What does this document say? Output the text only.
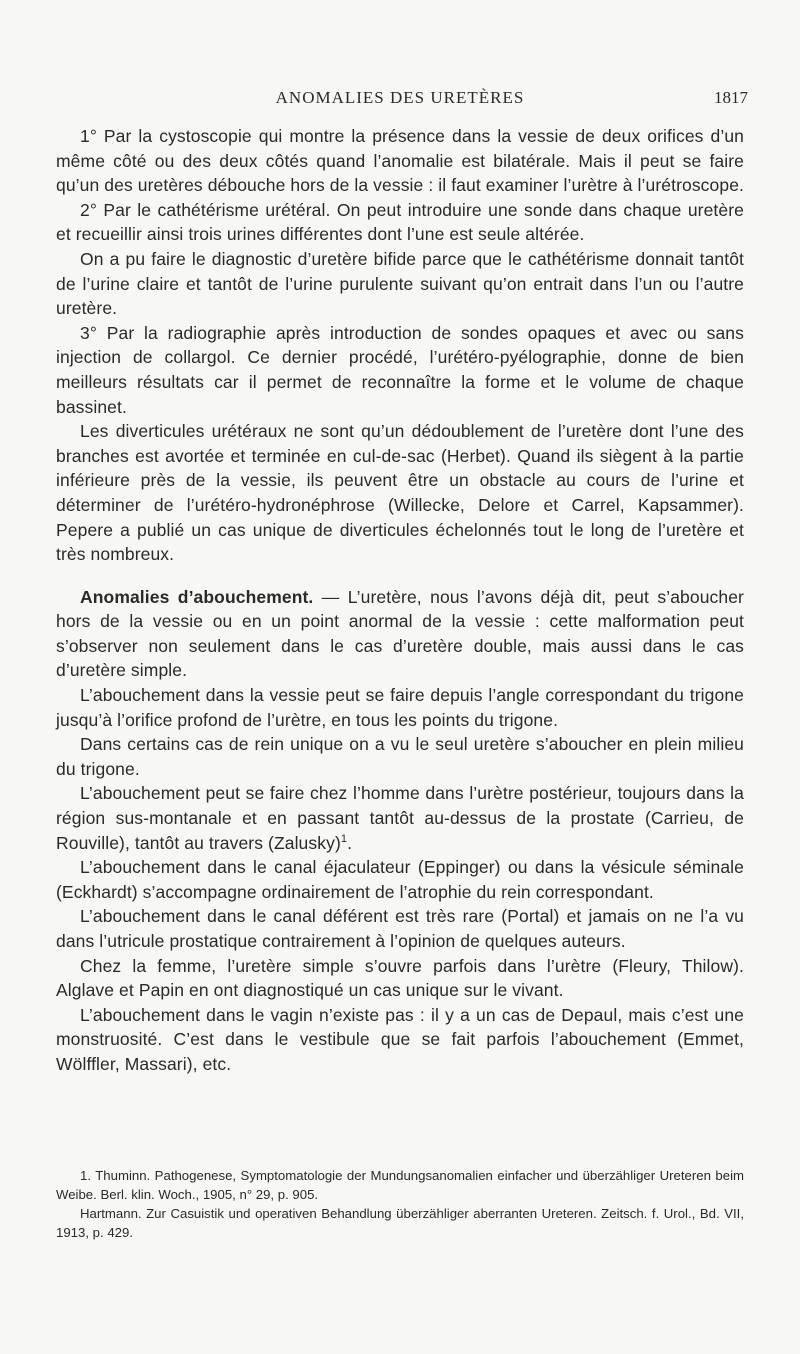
ANOMALIES DES URETÈRES	1817

1° Par la cystoscopie qui montre la présence dans la vessie de deux orifices d’un même côté ou des deux côtés quand l’anomalie est bilatérale. Mais il peut se faire qu’un des uretères débouche hors de la vessie : il faut examiner l’urètre à l’urétroscope.

2° Par le cathétérisme urétéral. On peut introduire une sonde dans chaque uretère et recueillir ainsi trois urines différentes dont l’une est seule altérée.

On a pu faire le diagnostic d’uretère bifide parce que le cathétérisme donnait tantôt de l’urine claire et tantôt de l’urine purulente suivant qu’on entrait dans l’un ou l’autre uretère.

3° Par la radiographie après introduction de sondes opaques et avec ou sans injection de collargol. Ce dernier procédé, l’urétéro-pyélographie, donne de bien meilleurs résultats car il permet de reconnaître la forme et le volume de chaque bassinet.

Les diverticules urétéraux ne sont qu’un dédoublement de l’uretère dont l’une des branches est avortée et terminée en cul-de-sac (Herbet). Quand ils siègent à la partie inférieure près de la vessie, ils peuvent être un obstacle au cours de l’urine et déterminer de l’urétéro-hydronéphrose (Willecke, Delore et Carrel, Kapsammer). Pepere a publié un cas unique de diverticules échelonnés tout le long de l’uretère et très nombreux.

Anomalies d’abouchement. — L’uretère, nous l’avons déjà dit, peut s’aboucher hors de la vessie ou en un point anormal de la vessie : cette malformation peut s’observer non seulement dans le cas d’uretère double, mais aussi dans le cas d’uretère simple.

L’abouchement dans la vessie peut se faire depuis l’angle correspondant du trigone jusqu’à l’orifice profond de l’urètre, en tous les points du trigone.

Dans certains cas de rein unique on a vu le seul uretère s’aboucher en plein milieu du trigone.

L’abouchement peut se faire chez l’homme dans l’urètre postérieur, toujours dans la région sus-montanale et en passant tantôt au-dessus de la prostate (Carrieu, de Rouville), tantôt au travers (Zalusky)$^1$.

L’abouchement dans le canal éjaculateur (Eppinger) ou dans la vésicule séminale (Eckhardt) s’accompagne ordinairement de l’atrophie du rein correspondant.

L’abouchement dans le canal déférent est très rare (Portal) et jamais on ne l’a vu dans l’utricule prostatique contrairement à l’opinion de quelques auteurs.

Chez la femme, l’uretère simple s’ouvre parfois dans l’urètre (Fleury, Thilow). Alglave et Papin en ont diagnostiqué un cas unique sur le vivant.

L’abouchement dans le vagin n’existe pas : il y a un cas de Depaul, mais c’est une monstruosité. C’est dans le vestibule que se fait parfois l’abouchement (Emmet, Wölffler, Massari), etc.

1. Thuminn. Pathogenese, Symptomatologie der Mundungsanomalien einfacher und überzähliger Ureteren beim Weibe. Berl. klin. Woch., 1905, n° 29, p. 905.

Hartmann. Zur Casuistik und operativen Behandlung überzähliger aberranten Ureteren. Zeitsch. f. Urol., Bd. VII, 1913, p. 429.
